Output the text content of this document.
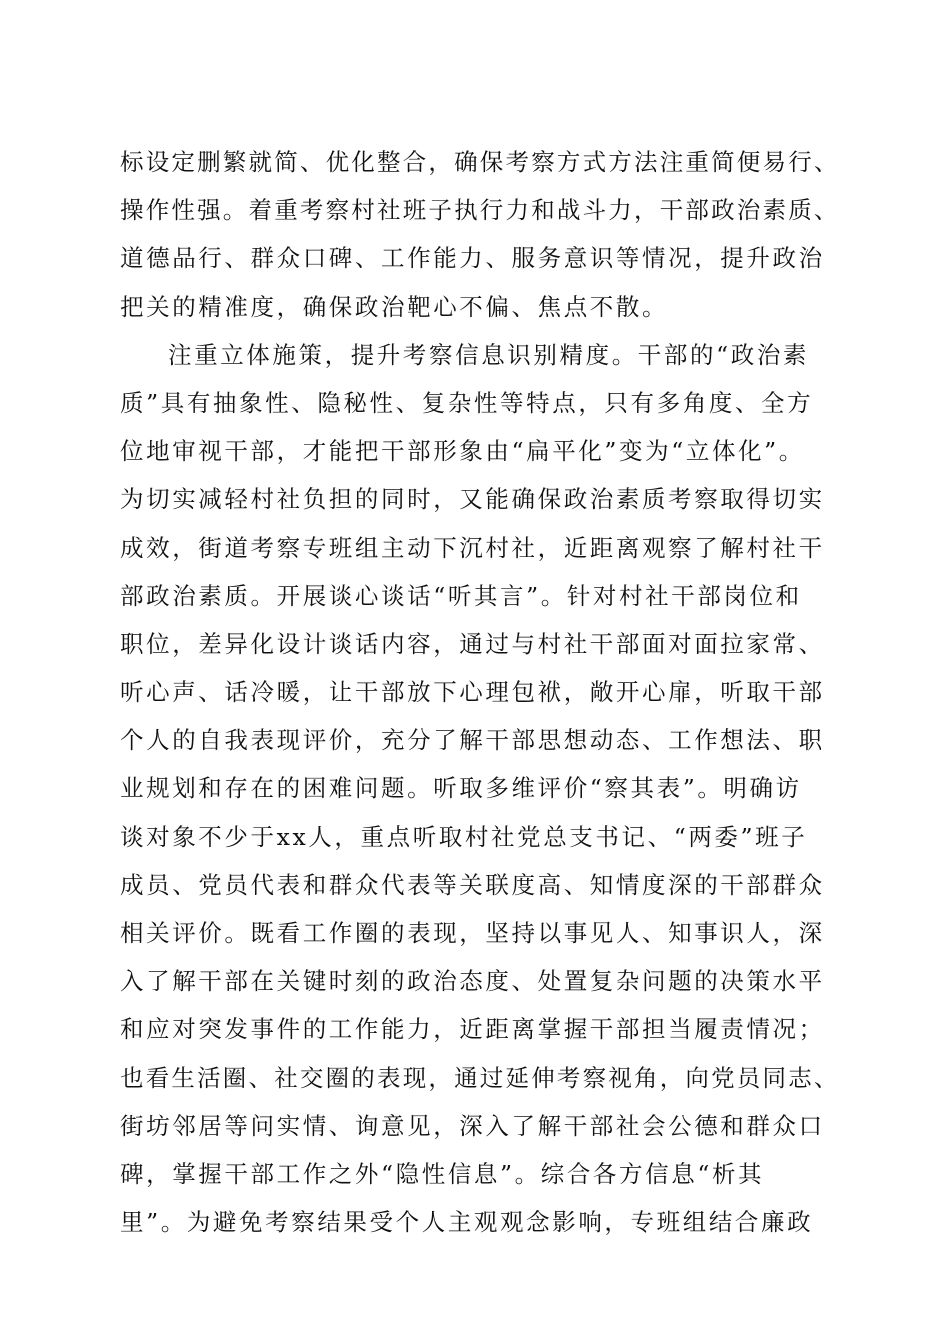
标设定删繁就简、优化整合，确保考察方式方法注重简便易行、
操作性强。着重考察村社班子执行力和战斗力，干部政治素质、
道德品行、群众口碑、工作能力、服务意识等情况，提升政治
把关的精准度，确保政治靶心不偏、焦点不散。
注重立体施策，提升考察信息识别精度。干部的“政治素
质”具有抽象性、隐秘性、复杂性等特点，只有多角度、全方
位地审视干部，才能把干部形象由“扁平化”变为“立体化”。
为切实减轻村社负担的同时，又能确保政治素质考察取得切实
成效，街道考察专班组主动下沉村社，近距离观察了解村社干
部政治素质。开展谈心谈话“听其言”。针对村社干部岗位和
职位，差异化设计谈话内容，通过与村社干部面对面拉家常、
听心声、话冷暖，让干部放下心理包袱，敞开心扉，听取干部
个人的自我表现评价，充分了解干部思想动态、工作想法、职
业规划和存在的困难问题。听取多维评价“察其表”。明确访
谈对象不少于xx人，重点听取村社党总支书记、“两委”班子
成员、党员代表和群众代表等关联度高、知情度深的干部群众
相关评价。既看工作圈的表现，坚持以事见人、知事识人，深
入了解干部在关键时刻的政治态度、处置复杂问题的决策水平
和应对突发事件的工作能力，近距离掌握干部担当履责情况；
也看生活圈、社交圈的表现，通过延伸考察视角，向党员同志、
街坊邻居等问实情、询意见，深入了解干部社会公德和群众口
碑，掌握干部工作之外“隐性信息”。综合各方信息“析其
里”。为避免考察结果受个人主观观念影响，专班组结合廉政
